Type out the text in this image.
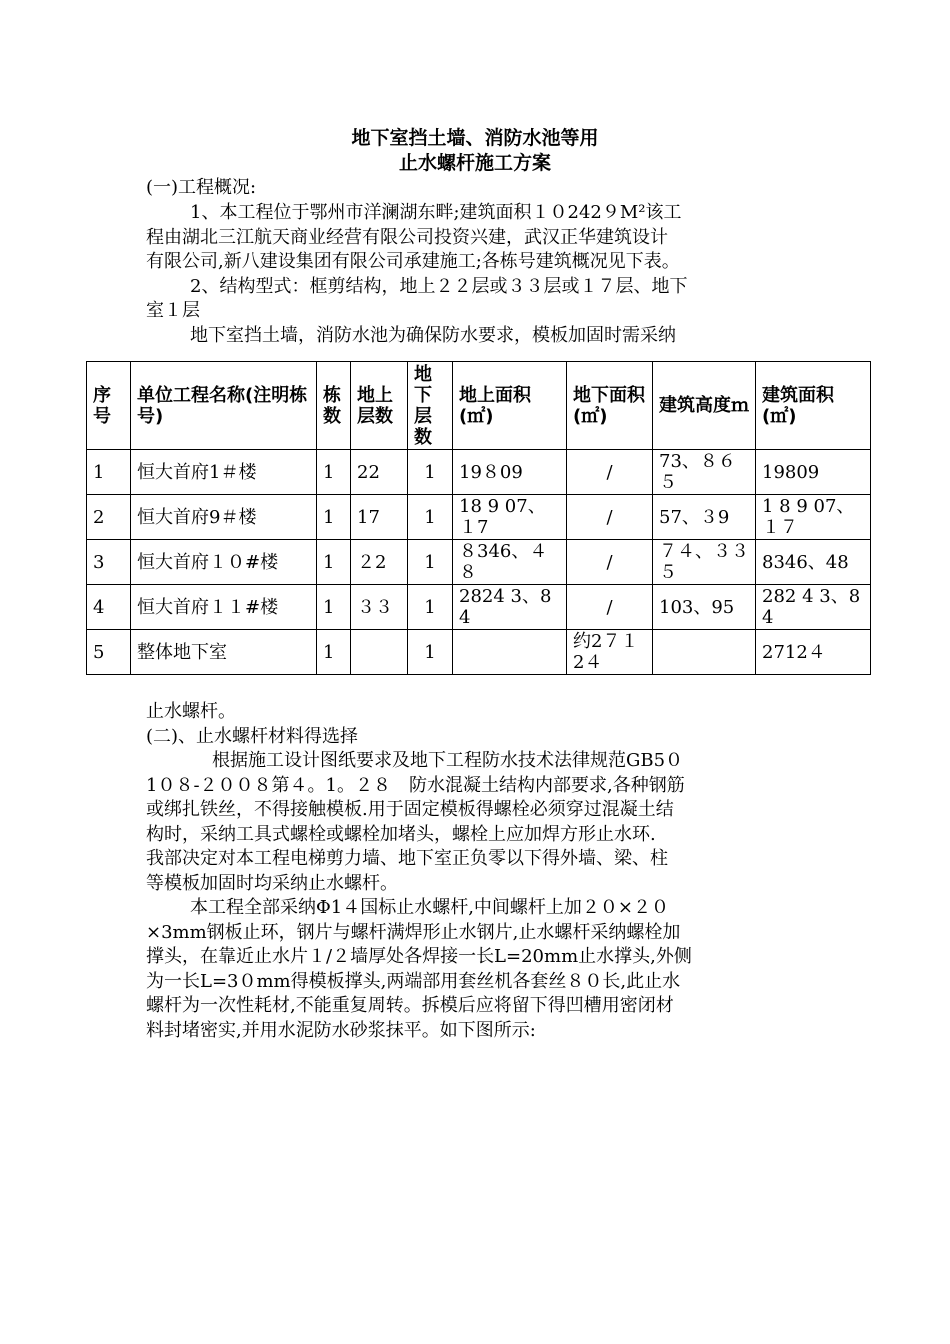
地下室挡土墙、消防水池等用
止水螺杆施工方案
(一)工程概况:
1、本工程位于鄂州市洋澜湖东畔;建筑面积１０242９M²该工
程由湖北三江航天商业经营有限公司投资兴建，武汉正华建筑设计
有限公司,新八建设集团有限公司承建施工;各栋号建筑概况见下表。
2、结构型式：框剪结构，地上２２层或３３层或１７层、地下
室１层
地下室挡土墙，消防水池为确保防水要求，模板加固时需采纳
序号	单位工程名称(注明栋号)	栋数	地上层数	地下层数	地上面积(㎡)	地下面积(㎡)	建筑高度ｍ	建筑面积(㎡)
1	恒大首府1＃楼	1	22	1	19８09	/	73、８６５	19809
2	恒大首府9＃楼	1	17	1	18 9 07、１7	/	57、３9	1 8 9 07、１７
3	恒大首府１０#楼	1	２2	1	８346、４８	/	７４、３３５	8346、48
4	恒大首府１１#楼	1	３３	1	2824 3、84	/	103、95	282 4 3、84
5	整体地下室	1		1		约2７１2４		2712４
止水螺杆。
(二)、止水螺杆材料得选择
根据施工设计图纸要求及地下工程防水技术法律规范GB5０
1０８-２００８第４。1。２８　防水混凝土结构内部要求,各种钢筋
或绑扎铁丝，不得接触模板.用于固定模板得螺栓必须穿过混凝土结
构时，采纳工具式螺栓或螺栓加堵头，螺栓上应加焊方形止水环.
我部决定对本工程电梯剪力墙、地下室正负零以下得外墙、梁、柱
等模板加固时均采纳止水螺杆。
本工程全部采纳Φ1４国标止水螺杆,中间螺杆上加２０×２０
×3mm钢板止环，钢片与螺杆满焊形止水钢片,止水螺杆采纳螺栓加
撑头，在靠近止水片１/２墙厚处各焊接一长L=20mm止水撑头,外侧
为一长L=3０mm得模板撑头,两端部用套丝机各套丝８０长,此止水
螺杆为一次性耗材,不能重复周转。拆模后应将留下得凹槽用密闭材
料封堵密实,并用水泥防水砂浆抹平。如下图所示:
